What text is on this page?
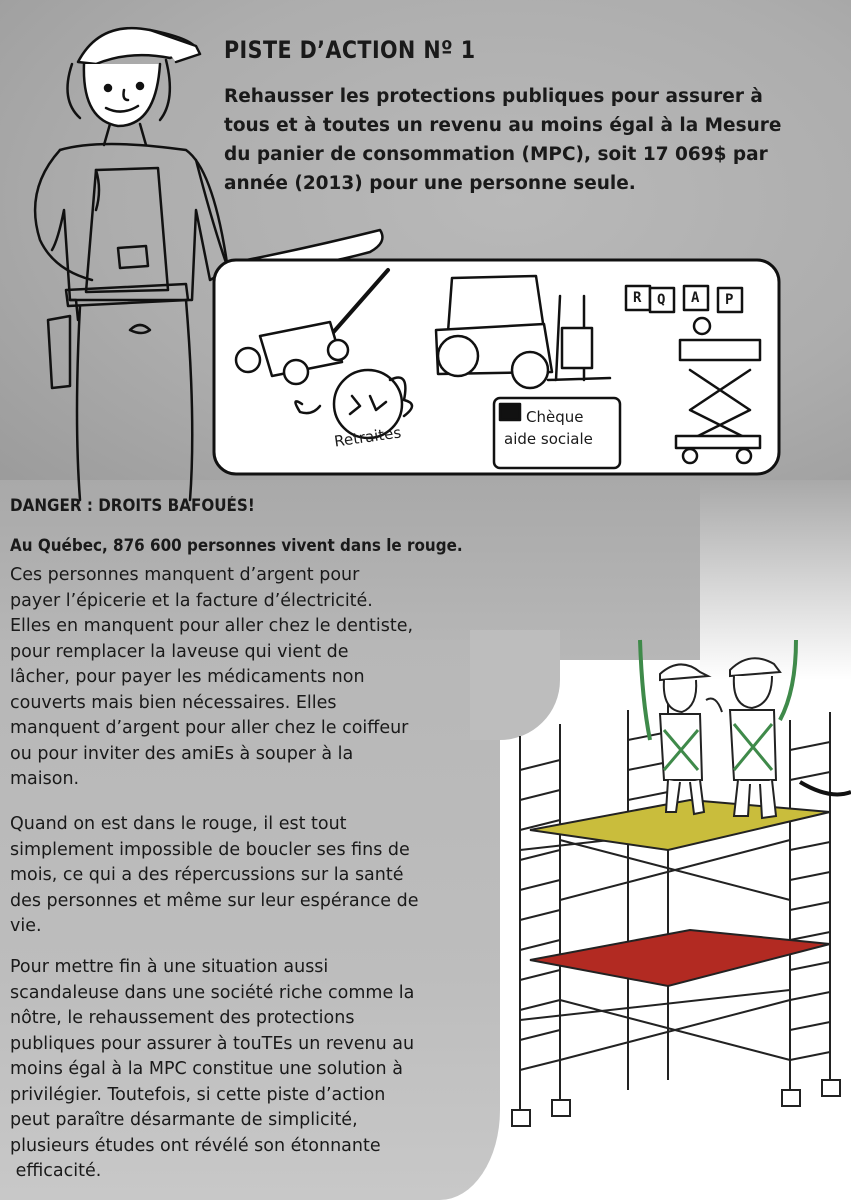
R Q A P
Retraites
Chèque
aide sociale
PISTE D’ACTION Nº 1

Rehausser les protections publiques pour assurer à
tous et à toutes un revenu au moins égal à la Mesure
du panier de consommation (MPC), soit 17 069$ par
année (2013) pour une personne seule.

DANGER : DROITS BAFOUÉS!
Au Québec, 876 600 personnes vivent dans le rouge.

Ces personnes manquent d’argent pour
payer l’épicerie et la facture d’électricité.
Elles en manquent pour aller chez le dentiste,
pour remplacer la laveuse qui vient de
lâcher, pour payer les médicaments non
couverts mais bien nécessaires. Elles
manquent d’argent pour aller chez le coiffeur
ou pour inviter des amiEs à souper à la
maison.

Quand on est dans le rouge, il est tout
simplement impossible de boucler ses fins de
mois, ce qui a des répercussions sur la santé
des personnes et même sur leur espérance de
vie.

Pour mettre fin à une situation aussi
scandaleuse dans une société riche comme la
nôtre, le rehaussement des protections
publiques pour assurer à touTEs un revenu au
moins égal à la MPC constitue une solution à
privilégier. Toutefois, si cette piste d’action
peut paraître désarmante de simplicité,
plusieurs études ont révélé son étonnante
efficacité.
